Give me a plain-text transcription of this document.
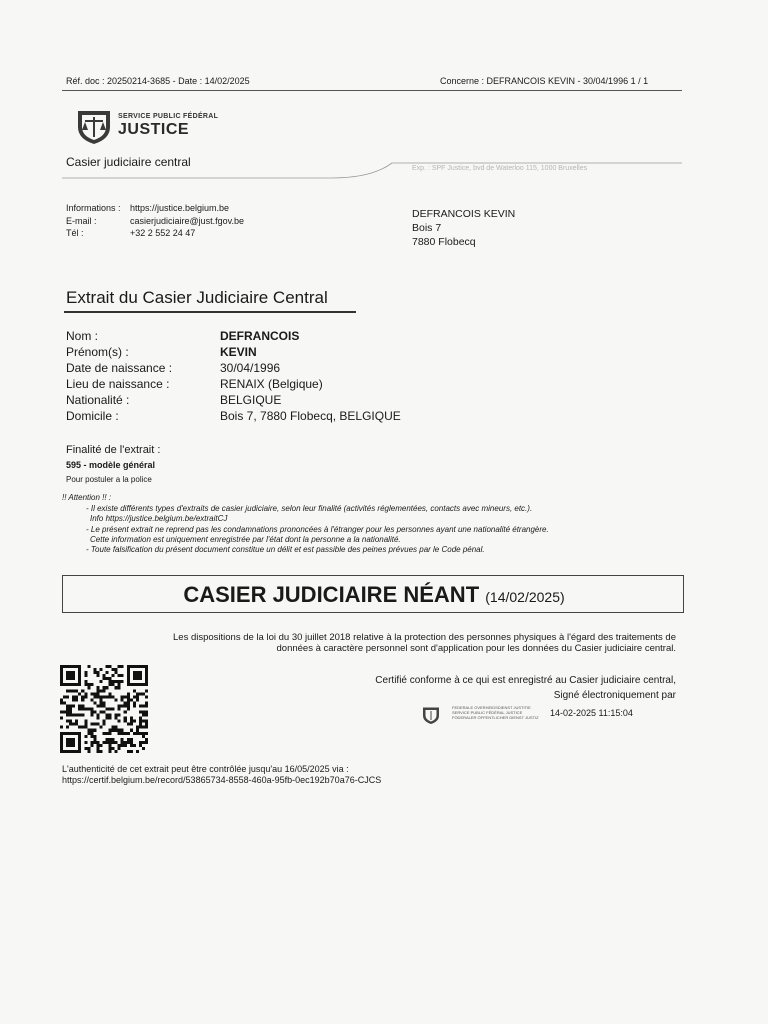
Réf. doc : 20250214-3685 - Date : 14/02/2025	Concerne : DEFRANCOIS KEVIN - 30/04/1996 1 / 1
SERVICE PUBLIC FÉDÉRAL
JUSTICE
Casier judiciaire central	Exp. : SPF Justice, bvd de Waterloo 115, 1000 Bruxelles
Informations : https://justice.belgium.be
E-mail :	casierjudiciaire@just.fgov.be
Tél :	+32 2 552 24 47
DEFRANCOIS KEVIN
Bois 7
7880 Flobecq
Extrait du Casier Judiciaire Central
Nom :	DEFRANCOIS
Prénom(s) :	KEVIN
Date de naissance :	30/04/1996
Lieu de naissance :	RENAIX (Belgique)
Nationalité :	BELGIQUE
Domicile :	Bois 7, 7880 Flobecq, BELGIQUE
Finalité de l'extrait :
595 - modèle général
Pour postuler a la police
!! Attention !! :
- Il existe différents types d'extraits de casier judiciaire, selon leur finalité (activités réglementées, contacts avec mineurs, etc.).
Info https://justice.belgium.be/extraitCJ
- Le présent extrait ne reprend pas les condamnations prononcées à l'étranger pour les personnes ayant une nationalité étrangère.
Cette information est uniquement enregistrée par l'état dont la personne a la nationalité.
- Toute falsification du présent document constitue un délit et est passible des peines prévues par le Code pénal.
CASIER JUDICIAIRE NÉANT (14/02/2025)
Les dispositions de la loi du 30 juillet 2018 relative à la protection des personnes physiques à l'égard des traitements de
données à caractère personnel sont d'application pour les données du Casier judiciaire central.
Certifié conforme à ce qui est enregistré au Casier judiciaire central,
Signé électroniquement par
FEDERALE OVERHEIDSDIENST JUSTITIE
SERVICE PUBLIC FÉDÉRAL JUSTICE
FÖDERALER ÖFFENTLICHER DIENST JUSTIZ 14-02-2025 11:15:04
L'authenticité de cet extrait peut être contrôlée jusqu'au 16/05/2025 via :
https://certif.belgium.be/record/53865734-8558-460a-95fb-0ec192b70a76-CJCS
